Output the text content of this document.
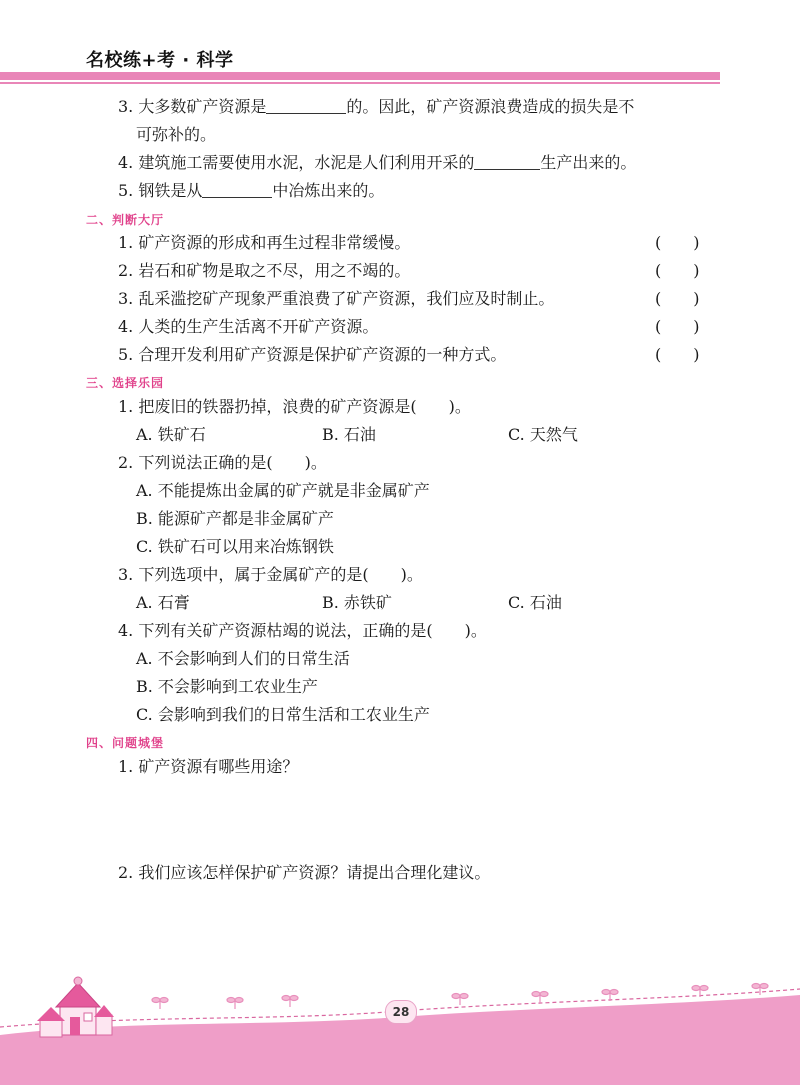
名校练+考 · 科学
3. 大多数矿产资源是	的。因此，矿产资源浪费造成的损失是不
可弥补的。
4. 建筑施工需要使用水泥，水泥是人们利用开采的	生产出来的。
5. 钢铁是从	中冶炼出来的。
二、判断大厅
1. 矿产资源的形成和再生过程非常缓慢。	(　　)
2. 岩石和矿物是取之不尽，用之不竭的。	(　　)
3. 乱采滥挖矿产现象严重浪费了矿产资源，我们应及时制止。	(　　)
4. 人类的生产生活离不开矿产资源。	(　　)
5. 合理开发利用矿产资源是保护矿产资源的一种方式。	(　　)
三、选择乐园
1. 把废旧的铁器扔掉，浪费的矿产资源是(　　)。
A. 铁矿石	B. 石油	C. 天然气
2. 下列说法正确的是(　　)。
A. 不能提炼出金属的矿产就是非金属矿产
B. 能源矿产都是非金属矿产
C. 铁矿石可以用来冶炼钢铁
3. 下列选项中，属于金属矿产的是(　　)。
A. 石膏	B. 赤铁矿	C. 石油
4. 下列有关矿产资源枯竭的说法，正确的是(　　)。
A. 不会影响到人们的日常生活
B. 不会影响到工农业生产
C. 会影响到我们的日常生活和工农业生产
四、问题城堡
1. 矿产资源有哪些用途？
2. 我们应该怎样保护矿产资源？请提出合理化建议。
28
